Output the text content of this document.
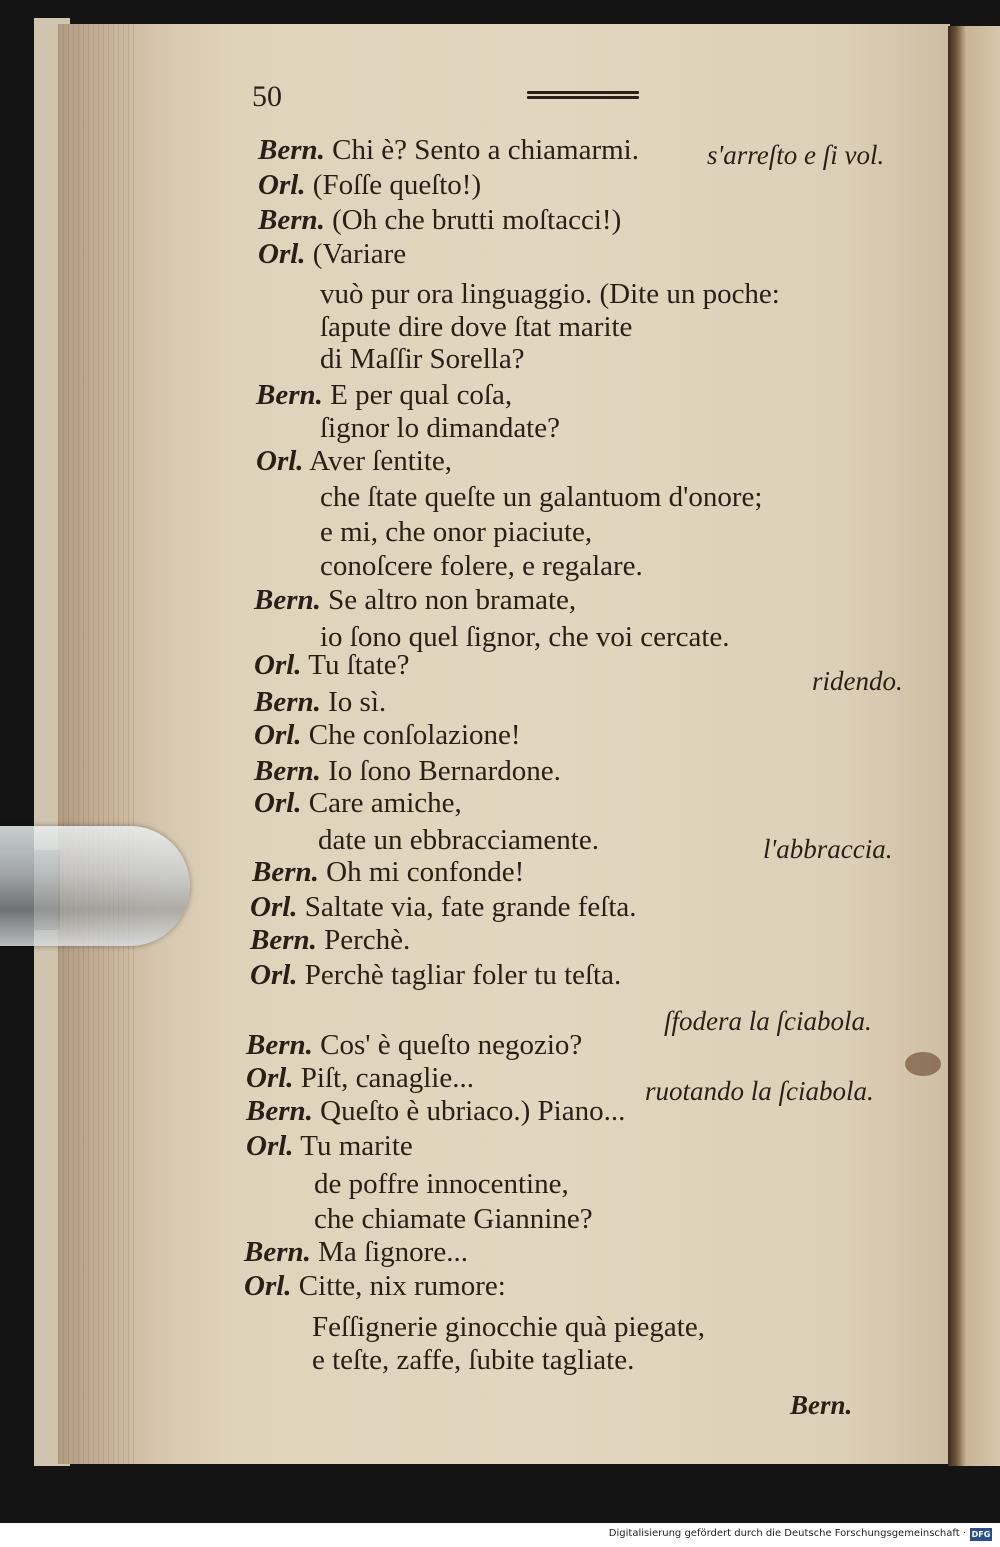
50
Bern. Chi è? Sento a chiamarmi.
Orl. (Foſſe queſto!)
Bern. (Oh che brutti moſtacci!)
Orl. (Variare
vuò pur ora linguaggio. (Dite un poche:
ſapute dire dove ſtat marite
di Maſſir Sorella?
Bern. E per qual coſa,
ſignor lo dimandate?
Orl. Aver ſentite,
che ſtate queſte un galantuom d'onore;
e mi, che onor piaciute,
conoſcere folere, e regalare.
Bern. Se altro non bramate,
io ſono quel ſignor, che voi cercate.
Orl. Tu ſtate?
Bern. Io sì.
Orl. Che conſolazione!
Bern. Io ſono Bernardone.
Orl. Care amiche,
date un ebbracciamente.
Bern. Oh mi confonde!
Orl. Saltate via, fate grande feſta.
Bern. Perchè.
Orl. Perchè tagliar foler tu teſta.
Bern. Cos' è queſto negozio?
Orl. Piſt, canaglie...
Bern. Queſto è ubriaco.) Piano...
Orl. Tu marite
de poffre innocentine,
che chiamate Giannine?
Bern. Ma ſignore...
Orl. Citte, nix rumore:
Feſſignerie ginocchie quà piegate,
e teſte, zaffe, ſubite tagliate.
s'arreſto e ſi vol.
ridendo.
l'abbraccia.
ſfodera la ſciabola.
ruotando la ſciabola.
Bern.
Digitalisierung gefördert durch die Deutsche Forschungsgemeinschaft · DFG
